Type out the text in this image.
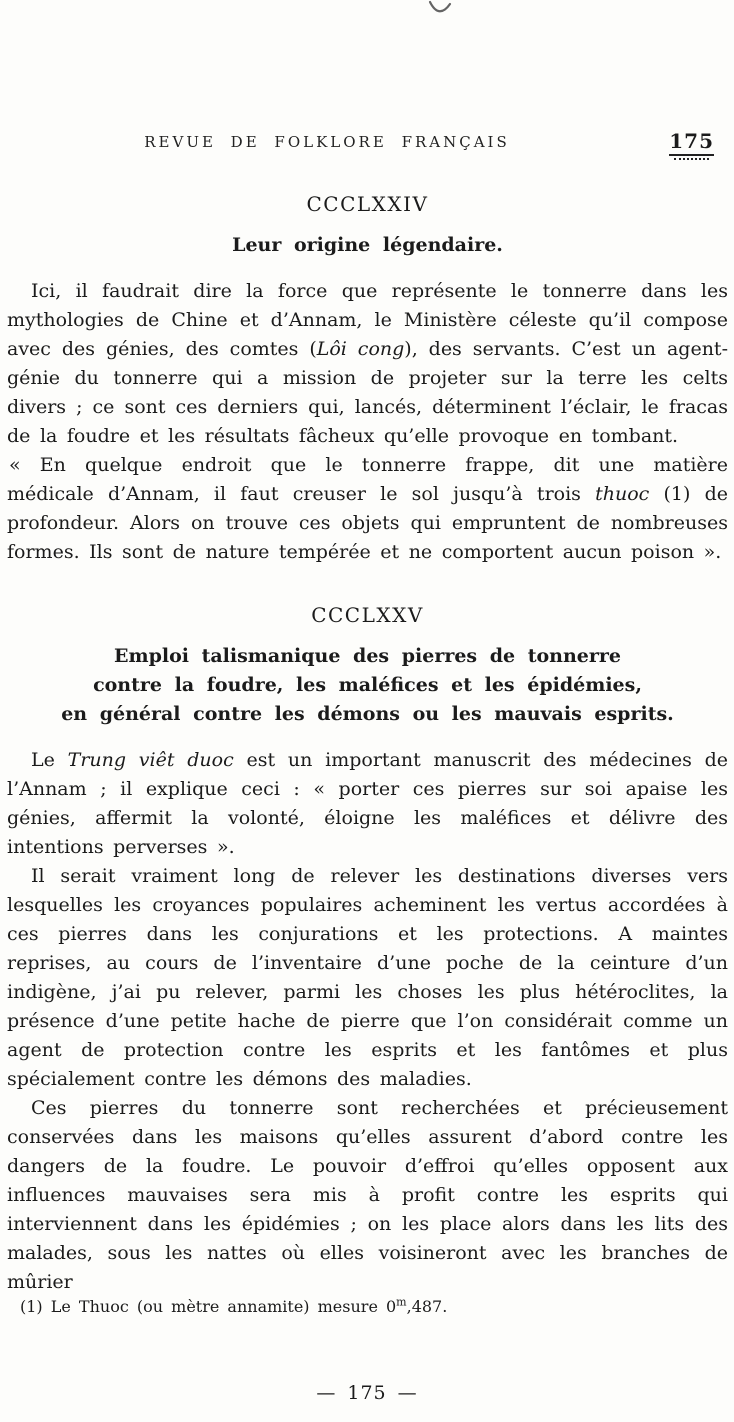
REVUE DE FOLKLORE FRANÇAIS	175
CCCLXXIV
Leur origine légendaire.

Ici, il faudrait dire la force que représente le tonnerre dans les mythologies de Chine et d’Annam, le Ministère céleste qu’il compose avec des génies, des comtes (Lôi cong), des servants. C’est un agent-génie du tonnerre qui a mission de projeter sur la terre les celts divers ; ce sont ces derniers qui, lancés, déterminent l’éclair, le fracas de la foudre et les résultats fâcheux qu’elle provoque en tombant.

« En quelque endroit que le tonnerre frappe, dit une matière médicale d’Annam, il faut creuser le sol jusqu’à trois thuoc (1) de profondeur. Alors on trouve ces objets qui empruntent de nombreuses formes. Ils sont de nature tempérée et ne comportent aucun poison ».

CCCLXXV
Emploi talismanique des pierres de tonnerre
contre la foudre, les maléfices et les épidémies,
en général contre les démons ou les mauvais esprits.

Le Trung viêt duoc est un important manuscrit des médecines de l’Annam ; il explique ceci : « porter ces pierres sur soi apaise les génies, affermit la volonté, éloigne les maléfices et délivre des intentions perverses ».

Il serait vraiment long de relever les destinations diverses vers lesquelles les croyances populaires acheminent les vertus accordées à ces pierres dans les conjurations et les protections. A maintes reprises, au cours de l’inventaire d’une poche de la ceinture d’un indigène, j’ai pu relever, parmi les choses les plus hétéroclites, la présence d’une petite hache de pierre que l’on considérait comme un agent de protection contre les esprits et les fantômes et plus spécialement contre les démons des maladies.

Ces pierres du tonnerre sont recherchées et précieusement conservées dans les maisons qu’elles assurent d’abord contre les dangers de la foudre. Le pouvoir d’effroi qu’elles opposent aux influences mauvaises sera mis à profit contre les esprits qui interviennent dans les épidémies ; on les place alors dans les lits des malades, sous les nattes où elles voisineront avec les branches de mûrier

(1) Le Thuoc (ou mètre annamite) mesure 0$^m$,487.
— 175 —
